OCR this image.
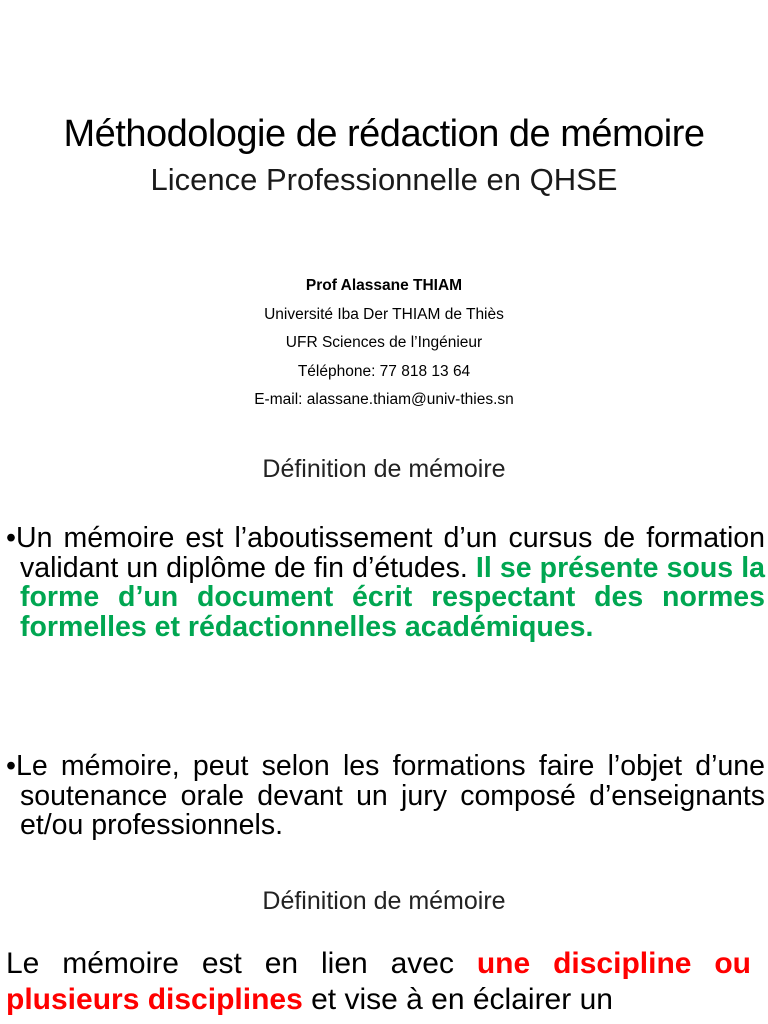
Méthodologie de rédaction de mémoire
Licence Professionnelle en QHSE
Prof Alassane THIAM
Université Iba Der THIAM de Thiès
UFR Sciences de l’Ingénieur
Téléphone: 77 818 13 64
E-mail: alassane.thiam@univ-thies.sn
Définition de mémoire
•Un mémoire est l’aboutissement d’un cursus de formation validant un diplôme de fin d’études. Il se présente sous la forme d’un document écrit respectant des normes formelles et rédactionnelles académiques.
•Le mémoire, peut selon les formations faire l’objet d’une soutenance orale devant un jury composé d’enseignants et/ou professionnels.
Définition de mémoire
Le mémoire est en lien avec une discipline ou plusieurs disciplines et vise à en éclairer un
